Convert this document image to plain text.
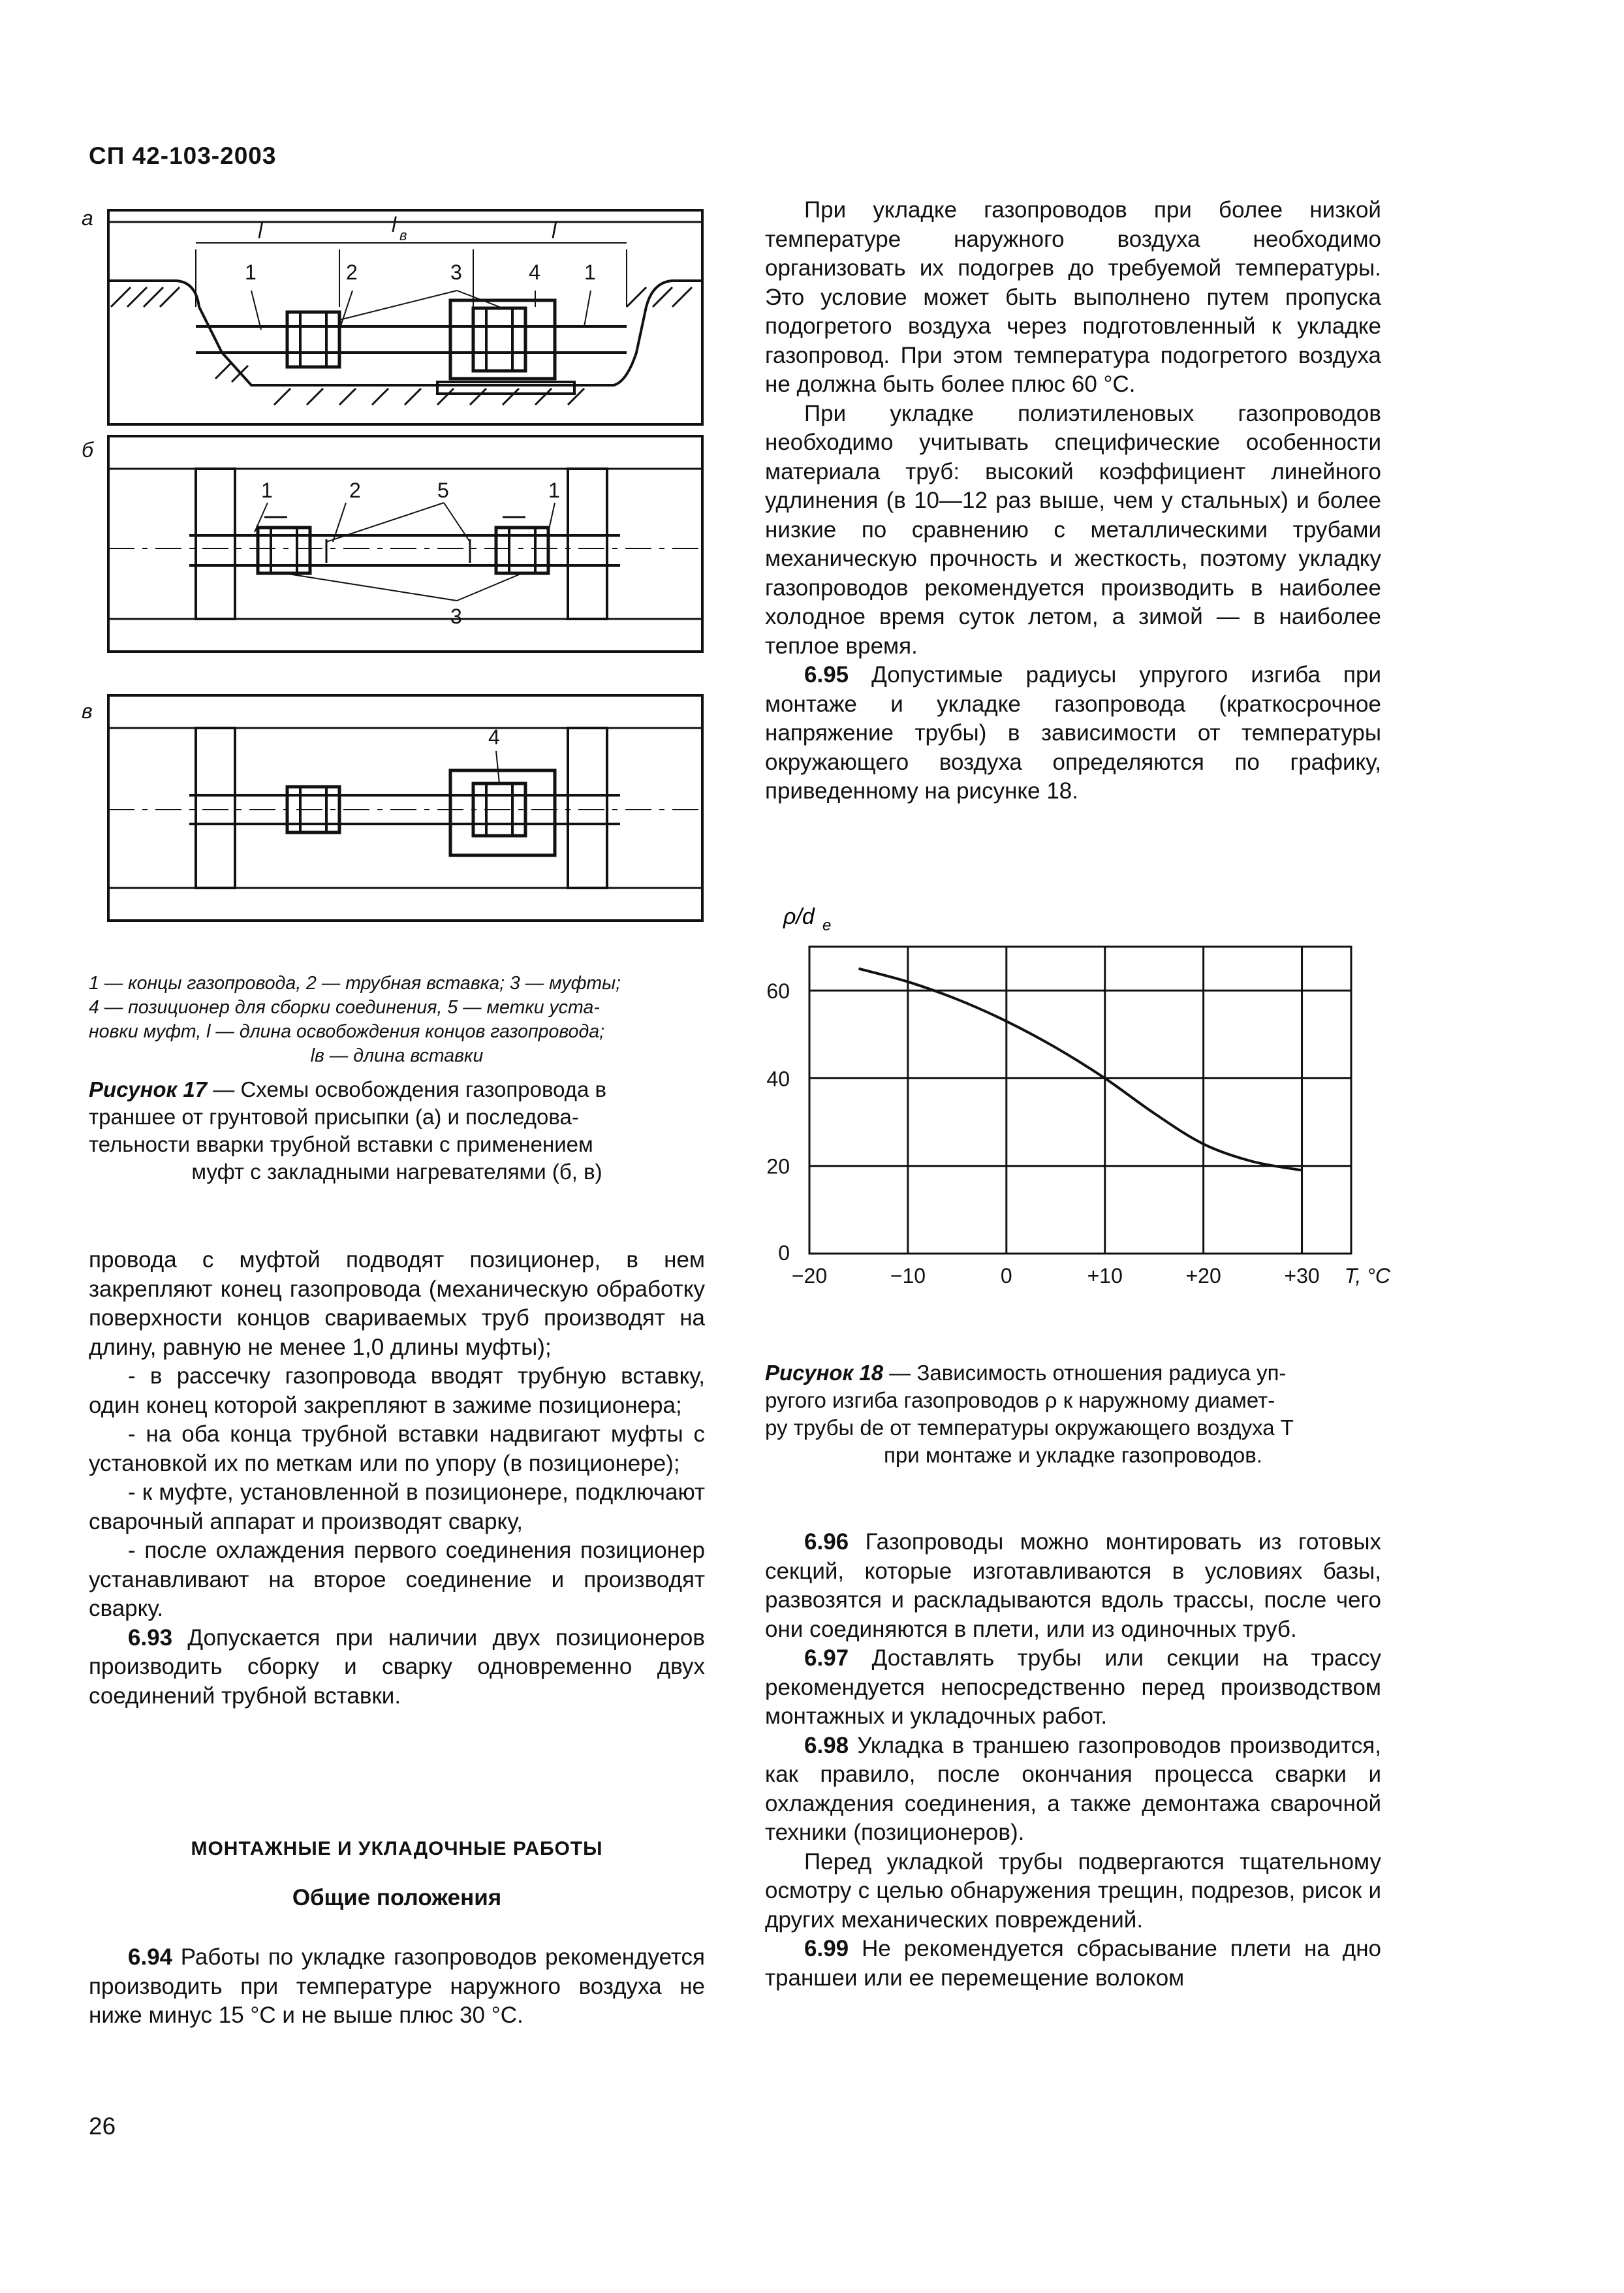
СП 42-103-2003
а
б
в
l	l в	l
1	2	3	4 1
1	2	5	1
3
4
1 — концы газопровода, 2 — трубная вставка; 3 — муфты;
4 — позиционер для сборки соединения, 5 — метки уста-
новки муфт, l — длина освобождения концов газопровода;
lв — длина вставки
Рисунок 17 — Схемы освобождения газопровода в
траншее от грунтовой присыпки (а) и последова-
тельности вварки трубной вставки с применением
муфт с закладными нагревателями (б, в)

провода с муфтой подводят позиционер, в нем закрепляют конец газопровода (механическую обработку поверхности концов свариваемых труб производят на длину, равную не менее 1,0 длины муфты);

- в рассечку газопровода вводят трубную вставку, один конец которой закрепляют в зажиме позиционера;

- на оба конца трубной вставки надвигают муфты с установкой их по меткам или по упору (в позиционере);

- к муфте, установленной в позиционере, подключают сварочный аппарат и производят сварку,

- после охлаждения первого соединения позиционер устанавливают на второе соединение и производят сварку.

6.93 Допускается при наличии двух позиционеров производить сборку и сварку одновременно двух соединений трубной вставки.

МОНТАЖНЫЕ И УКЛАДОЧНЫЕ РАБОТЫ
Общие положения

6.94 Работы по укладке газопроводов рекомендуется производить при температуре наружного воздуха не ниже минус 15 °С и не выше плюс 30 °С.

При укладке газопроводов при более низкой температуре наружного воздуха необходимо организовать их подогрев до требуемой температуры. Это условие может быть выполнено путем пропуска подогретого воздуха через подготовленный к укладке газопровод. При этом температура подогретого воздуха не должна быть более плюс 60 °С.

При укладке полиэтиленовых газопроводов необходимо учитывать специфические особенности материала труб: высокий коэффициент линейного удлинения (в 10—12 раз выше, чем у стальных) и более низкие по сравнению с металлическими трубами механическую прочность и жесткость, поэтому укладку газопроводов рекомендуется производить в наиболее холодное время суток летом, а зимой — в наиболее теплое время.

6.95 Допустимые радиусы упругого изгиба при монтаже и укладке газопровода (краткосрочное напряжение трубы) в зависимости от температуры окружающего воздуха определяются по графику, приведенному на рисунке 18.

−20	−10	0	+10	+20	+30
0
20
40
60
T, °C
ρ/d e
Рисунок 18 — Зависимость отношения радиуса уп-
ругого изгиба газопроводов ρ к наружному диамет-
ру трубы de от температуры окружающего воздуха T
при монтаже и укладке газопроводов.

6.96 Газопроводы можно монтировать из готовых секций, которые изготавливаются в условиях базы, развозятся и раскладываются вдоль трассы, после чего они соединяются в плети, или из одиночных труб.

6.97 Доставлять трубы или секции на трассу рекомендуется непосредственно перед производством монтажных и укладочных работ.

6.98 Укладка в траншею газопроводов производится, как правило, после окончания процесса сварки и охлаждения соединения, а также демонтажа сварочной техники (позиционеров).

Перед укладкой трубы подвергаются тщательному осмотру с целью обнаружения трещин, подрезов, рисок и других механических повреждений.

6.99 Не рекомендуется сбрасывание плети на дно траншеи или ее перемещение волоком

26
